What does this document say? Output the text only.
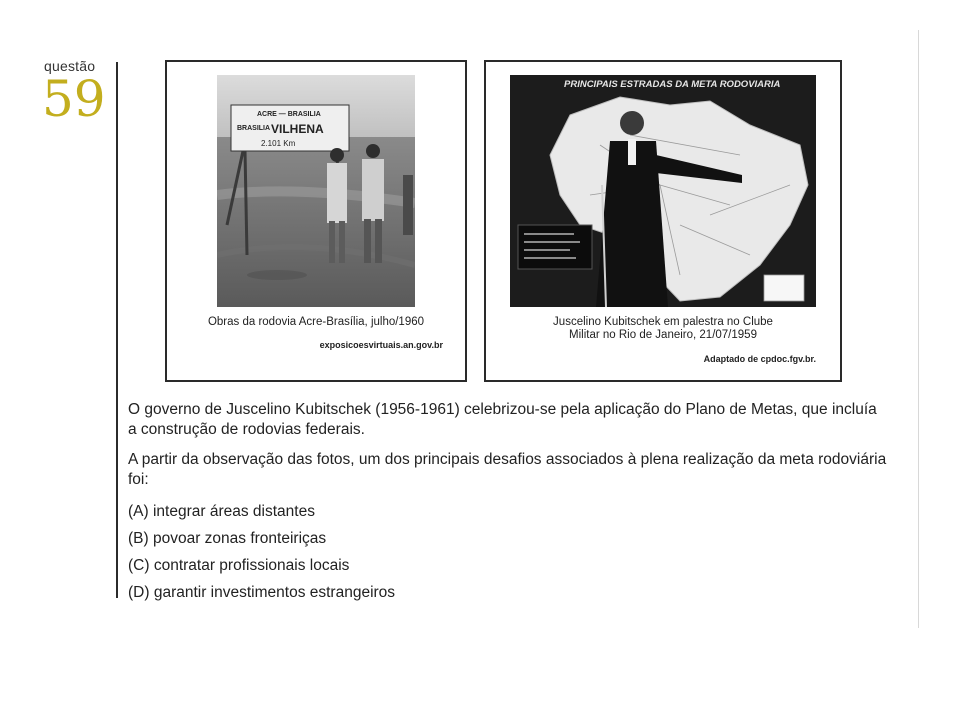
questão
59	ACRE — BRASILIA
BRASILIA VILHENA
2.101 Km
Obras da rodovia Acre-Brasília, julho/1960
exposicoesvirtuais.an.gov.br
PRINCIPAIS ESTRADAS DA META RODOVIARIA
Juscelino Kubitschek em palestra no Clube
Militar no Rio de Janeiro, 21/07/1959
Adaptado de cpdoc.fgv.br.
O governo de Juscelino Kubitschek (1956-1961) celebrizou-se pela aplicação do Plano de Metas, que incluía a construção de rodovias federais.
A partir da observação das fotos, um dos principais desafios associados à plena realização da meta rodoviária foi:
(A) integrar áreas distantes
(B) povoar zonas fronteiriças
(C) contratar profissionais locais
(D) garantir investimentos estrangeiros
